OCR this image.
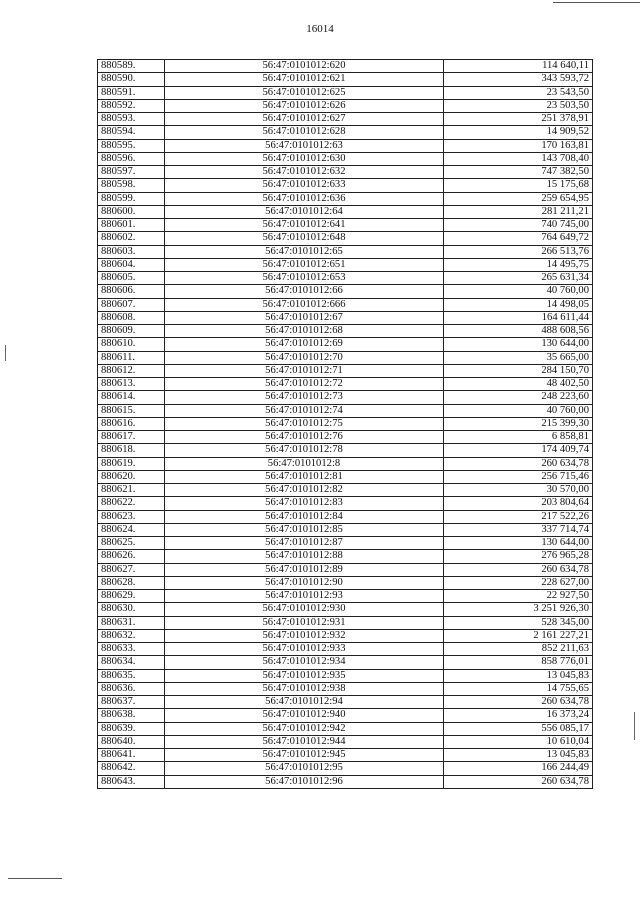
16014
880589.	56:47:0101012:620	114 640,11
880590.	56:47:0101012:621	343 593,72
880591.	56:47:0101012:625	23 543,50
880592.	56:47:0101012:626	23 503,50
880593.	56:47:0101012:627	251 378,91
880594.	56:47:0101012:628	14 909,52
880595.	56:47:0101012:63	170 163,81
880596.	56:47:0101012:630	143 708,40
880597.	56:47:0101012:632	747 382,50
880598.	56:47:0101012:633	15 175,68
880599.	56:47:0101012:636	259 654,95
880600.	56:47:0101012:64	281 211,21
880601.	56:47:0101012:641	740 745,00
880602.	56:47:0101012:648	764 649,72
880603.	56:47:0101012:65	266 513,76
880604.	56:47:0101012:651	14 495,75
880605.	56:47:0101012:653	265 631,34
880606.	56:47:0101012:66	40 760,00
880607.	56:47:0101012:666	14 498,05
880608.	56:47:0101012:67	164 611,44
880609.	56:47:0101012:68	488 608,56
880610.	56:47:0101012:69	130 644,00
880611.	56:47:0101012:70	35 665,00
880612.	56:47:0101012:71	284 150,70
880613.	56:47:0101012:72	48 402,50
880614.	56:47:0101012:73	248 223,60
880615.	56:47:0101012:74	40 760,00
880616.	56:47:0101012:75	215 399,30
880617.	56:47:0101012:76	6 858,81
880618.	56:47:0101012:78	174 409,74
880619.	56:47:0101012:8	260 634,78
880620.	56:47:0101012:81	256 715,46
880621.	56:47:0101012:82	30 570,00
880622.	56:47:0101012:83	203 804,64
880623.	56:47:0101012:84	217 522,26
880624.	56:47:0101012:85	337 714,74
880625.	56:47:0101012:87	130 644,00
880626.	56:47:0101012:88	276 965,28
880627.	56:47:0101012:89	260 634,78
880628.	56:47:0101012:90	228 627,00
880629.	56:47:0101012:93	22 927,50
880630.	56:47:0101012:930	3 251 926,30
880631.	56:47:0101012:931	528 345,00
880632.	56:47:0101012:932	2 161 227,21
880633.	56:47:0101012:933	852 211,63
880634.	56:47:0101012:934	858 776,01
880635.	56:47:0101012:935	13 045,83
880636.	56:47:0101012:938	14 755,65
880637.	56:47:0101012:94	260 634,78
880638.	56:47:0101012:940	16 373,24
880639.	56:47:0101012:942	556 085,17
880640.	56:47:0101012:944	10 610,04
880641.	56:47:0101012:945	13 045,83
880642.	56:47:0101012:95	166 244,49
880643.	56:47:0101012:96	260 634,78
